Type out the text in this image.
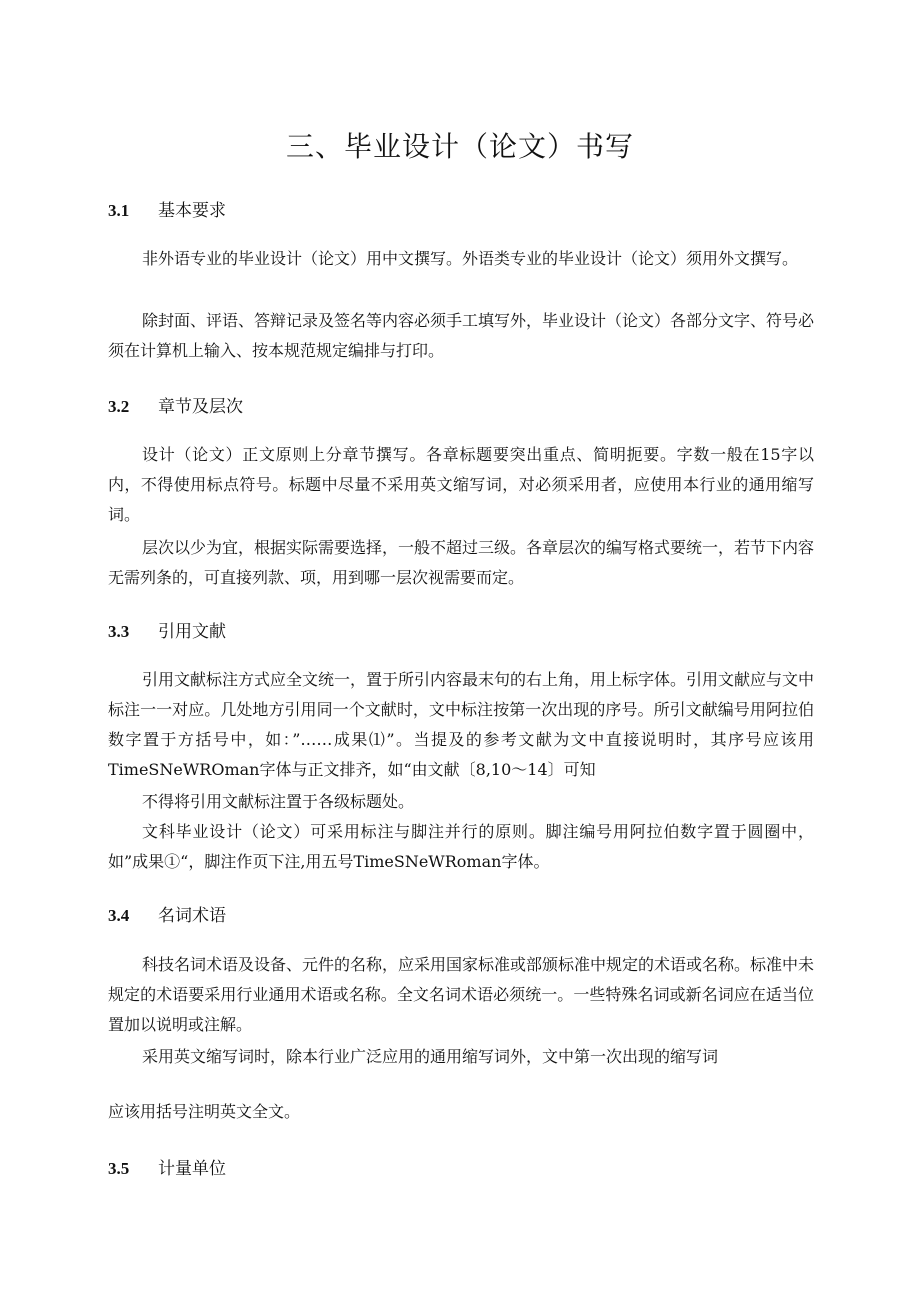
三、毕业设计（论文）书写
3.1 基本要求

非外语专业的毕业设计（论文）用中文撰写。外语类专业的毕业设计（论文）须用外文撰写。

除封面、评语、答辩记录及签名等内容必须手工填写外，毕业设计（论文）各部分文字、符号必须在计算机上输入、按本规范规定编排与打印。

3.2 章节及层次

设计（论文）正文原则上分章节撰写。各章标题要突出重点、简明扼要。字数一般在15字以内，不得使用标点符号。标题中尽量不采用英文缩写词，对必须采用者，应使用本行业的通用缩写词。

层次以少为宜，根据实际需要选择，一般不超过三级。各章层次的编写格式要统一，若节下内容无需列条的，可直接列款、项，用到哪一层次视需要而定。

3.3 引用文献

引用文献标注方式应全文统一，置于所引内容最末句的右上角，用上标字体。引用文献应与文中标注一一对应。几处地方引用同一个文献时，文中标注按第一次出现的序号。所引文献编号用阿拉伯数字置于方括号中，如：”……成果⑴”。当提及的参考文献为文中直接说明时，其序号应该用TimeSNeWROman字体与正文排齐，如“由文献〔8,10～14〕可知

不得将引用文献标注置于各级标题处。

文科毕业设计（论文）可采用标注与脚注并行的原则。脚注编号用阿拉伯数字置于圆圈中，如”成果①“，脚注作页下注,用五号TimeSNeWRoman字体。

3.4 名词术语

科技名词术语及设备、元件的名称，应采用国家标准或部颁标准中规定的术语或名称。标准中未规定的术语要采用行业通用术语或名称。全文名词术语必须统一。一些特殊名词或新名词应在适当位置加以说明或注解。

采用英文缩写词时，除本行业广泛应用的通用缩写词外，文中第一次出现的缩写词

应该用括号注明英文全文。

3.5 计量单位
